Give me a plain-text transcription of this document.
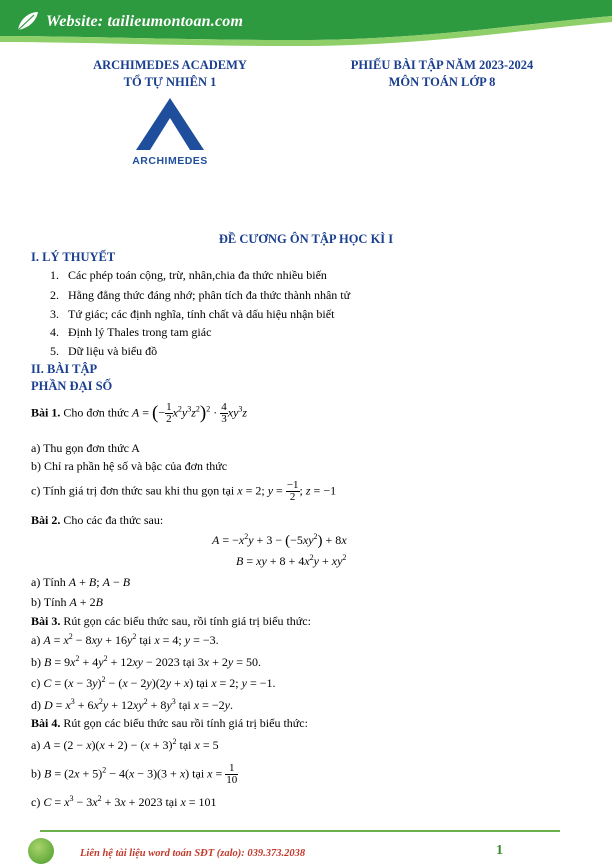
Website: tailieumontoan.com
ARCHIMEDES ACADEMY
TỔ TỰ NHIÊN 1
PHIẾU BÀI TẬP NĂM 2023-2024
MÔN TOÁN LỚP 8
ARCHIMEDES
ĐỀ CƯƠNG ÔN TẬP HỌC KÌ I
I. LÝ THUYẾT
1. Các phép toán cộng, trừ, nhân,chia đa thức nhiều biến
2. Hằng đẳng thức đáng nhớ; phân tích đa thức thành nhân tử
3. Tứ giác; các định nghĩa, tính chất và dấu hiệu nhận biết
4. Định lý Thales trong tam giác
5. Dữ liệu và biểu đồ
II. BÀI TẬP
PHẦN ĐẠI SỐ
Bài 1. Cho đơn thức A = (− $\frac{1}{2} x^2y^3z^2)^2 \cdot \frac{4}{3} xy^3z$
a) Thu gọn đơn thức A
b) Chỉ ra phần hệ số và bậc của đơn thức
c) Tính giá trị đơn thức sau khi thu gọn tại x = 2; $y = \frac{-1}{2}$ ; z = −1
Bài 2. Cho các đa thức sau:
$A = -x^2y + 3 - (-5xy^2) + 8x$
B = xy + $8 + 4x^2y + xy^2$
a) Tính A + B; A − B
b) Tính A + 2B
Bài 3. Rút gọn các biểu thức sau, rồi tính giá trị biểu thức:
a) $A = x^2 - 8xy + 16y^2$ tại x = 4; y = −3.
b) $B = 9x^2 + 4y^2 + 12xy - 2023$ tại 3x + 2y = 50.
c) $C = (x - 3y)^2 - (x - 2y)(2y + x)$ tại x = 2; y = −1.
d) $D = x^3 + 6x^2y + 12xy^2 + 8y^3$ tại x = −2y.
Bài 4. Rút gọn các biểu thức sau rồi tính giá trị biểu thức:
a) $A = (2 - x)(x + 2) - (x + 3)^2$ tại x = 5
b) $B = (2x + 5)^2 - 4(x - 3)(3 + x)$ tại $x = \frac{1}{10}$
c) $C = x^3 - 3x^2 + 3x + 2023$ tại x = 101
Liên hệ tài liệu word toán SĐT (zalo): 039.373.2038	1
